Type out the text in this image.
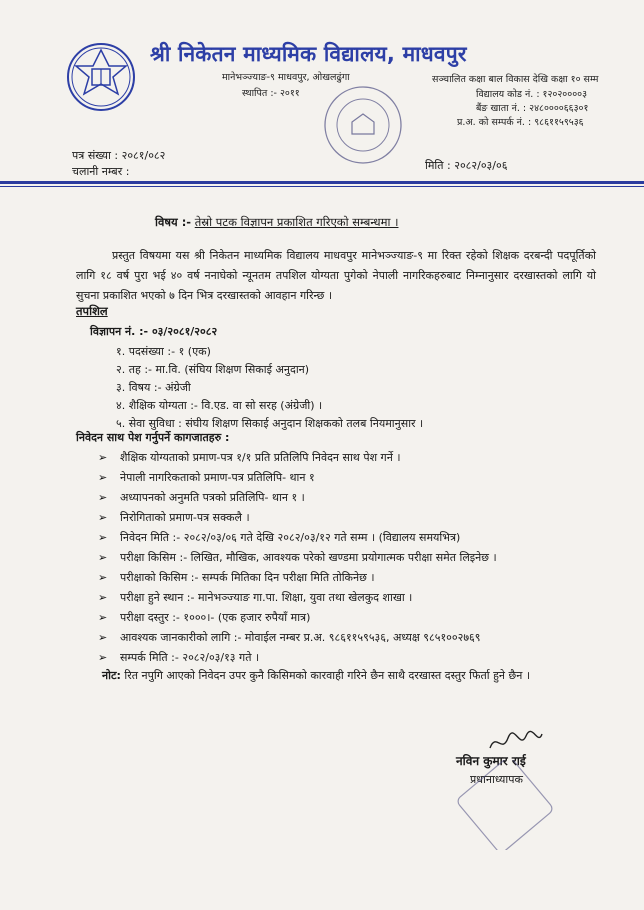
श्री निकेतन माध्यमिक विद्यालय, माधवपुर
मानेभञ्ज्याङ-९ माधवपुर, ओखलढुंगा
स्थापित :- २०११
सञ्चालित कक्षा बाल विकास देखि कक्षा १० सम्म
विद्यालय कोड नं. : १२०२००००३
बैंङ खाता नं. : २४८००००६६३०१
प्र.अ. को सम्पर्क नं. : ९८६११५९५३६
पत्र संख्या : २०८१/०८२
चलानी नम्बर :	मिति : २०८२/०३/०६
विषय :- तेस्रो पटक विज्ञापन प्रकाशित गरिएको सम्बन्धमा ।

प्रस्तुत विषयमा यस श्री निकेतन माध्यमिक विद्यालय माधवपुर मानेभञ्ज्याङ-९ मा रिक्त रहेको शिक्षक दरबन्दी पदपूर्तिको लागि १८ वर्ष पुरा भई ४० वर्ष ननाघेको न्यूनतम तपशिल योग्यता पुगेको नेपाली नागरिकहरुबाट निम्नानुसार दरखास्तको लागि यो सुचना प्रकाशित भएको ७ दिन भित्र दरखास्तको आवहान गरिन्छ ।

तपशिल
विज्ञापन नं. :- ०३/२०८१/२०८२
१. पदसंख्या :- १ (एक)
२. तह :- मा.वि. (संघिय शिक्षण सिकाई अनुदान)
३. विषय :- अंग्रेजी
४. शैक्षिक योग्यता :- वि.एड. वा सो सरह (अंग्रेजी) ।
५. सेवा सुविधा : संघीय शिक्षण सिकाई अनुदान शिक्षकको तलब नियमानुसार ।
निवेदन साथ पेश गर्नुपर्ने कागजातहरु :
➢ शैक्षिक योग्यताको प्रमाण-पत्र १/१ प्रति प्रतिलिपि निवेदन साथ पेश गर्ने ।
➢ नेपाली नागरिकताको प्रमाण-पत्र प्रतिलिपि- थान १
➢ अध्यापनको अनुमति पत्रको प्रतिलिपि- थान १ ।
➢ निरोगिताको प्रमाण-पत्र सक्कलै ।
➢ निवेदन मिति :- २०८२/०३/०६ गते देखि २०८२/०३/१२ गते सम्म । (विद्यालय समयभित्र)
➢ परीक्षा किसिम :- लिखित, मौखिक, आवश्यक परेको खण्डमा प्रयोगात्मक परीक्षा समेत लिइनेछ ।
➢ परीक्षाको किसिम :- सम्पर्क मितिका दिन परीक्षा मिति तोकिनेछ ।
➢ परीक्षा हुने स्थान :- मानेभञ्ज्याङ गा.पा. शिक्षा, युवा तथा खेलकुद शाखा ।
➢ परीक्षा दस्तुर :- १०००।- (एक हजार रुपैयाँ मात्र)
➢ आवश्यक जानकारीको लागि :- मोवाईल नम्बर प्र.अ. ९८६११५९५३६, अध्यक्ष ९८५१००२७६९
➢ सम्पर्क मिति :- २०८२/०३/१३ गते ।
नोट: रित नपुगि आएको निवेदन उपर कुनै किसिमको कारवाही गरिने छैन साथै दरखास्त दस्तुर फिर्ता हुने छैन ।
नविन कुमार राई
प्रधानाध्यापक
